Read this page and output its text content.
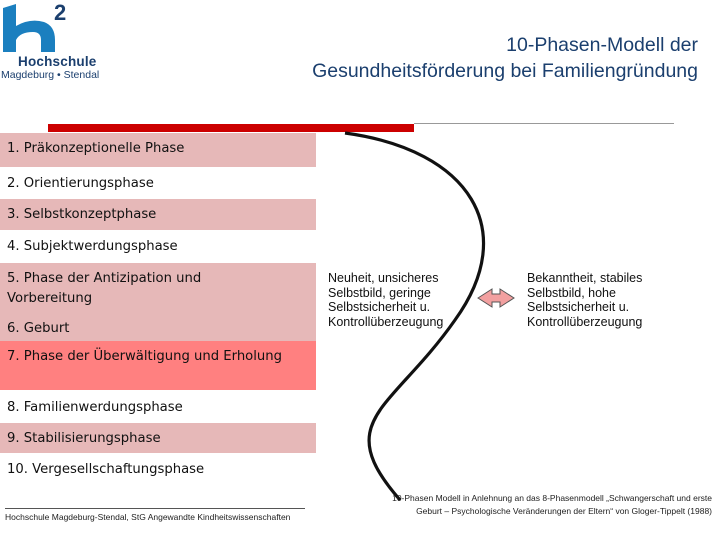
2
Hochschule
Magdeburg • Stendal
10-Phasen-Modell der
Gesundheitsförderung bei Familiengründung
1. Präkonzeptionelle Phase
2. Orientierungsphase
3. Selbstkonzeptphase
4. Subjektwerdungsphase
5. Phase der Antizipation und
Vorbereitung
6. Geburt
7. Phase der Überwältigung und Erholung
8. Familienwerdungsphase
9. Stabilisierungsphase
10. Vergesellschaftungsphase
Neuheit, unsicheres
Selbstbild, geringe
Selbstsicherheit u.
Kontrollüberzeugung
Bekanntheit, stabiles
Selbstbild, hohe
Selbstsicherheit u.
Kontrollüberzeugung
Hochschule Magdeburg-Stendal, StG Angewandte Kindheitswissenschaften
10-Phasen Modell in Anlehnung an das 8-Phasenmodell „Schwangerschaft und erste
Geburt – Psychologische Veränderungen der Eltern“ von Gloger-Tippelt (1988)
